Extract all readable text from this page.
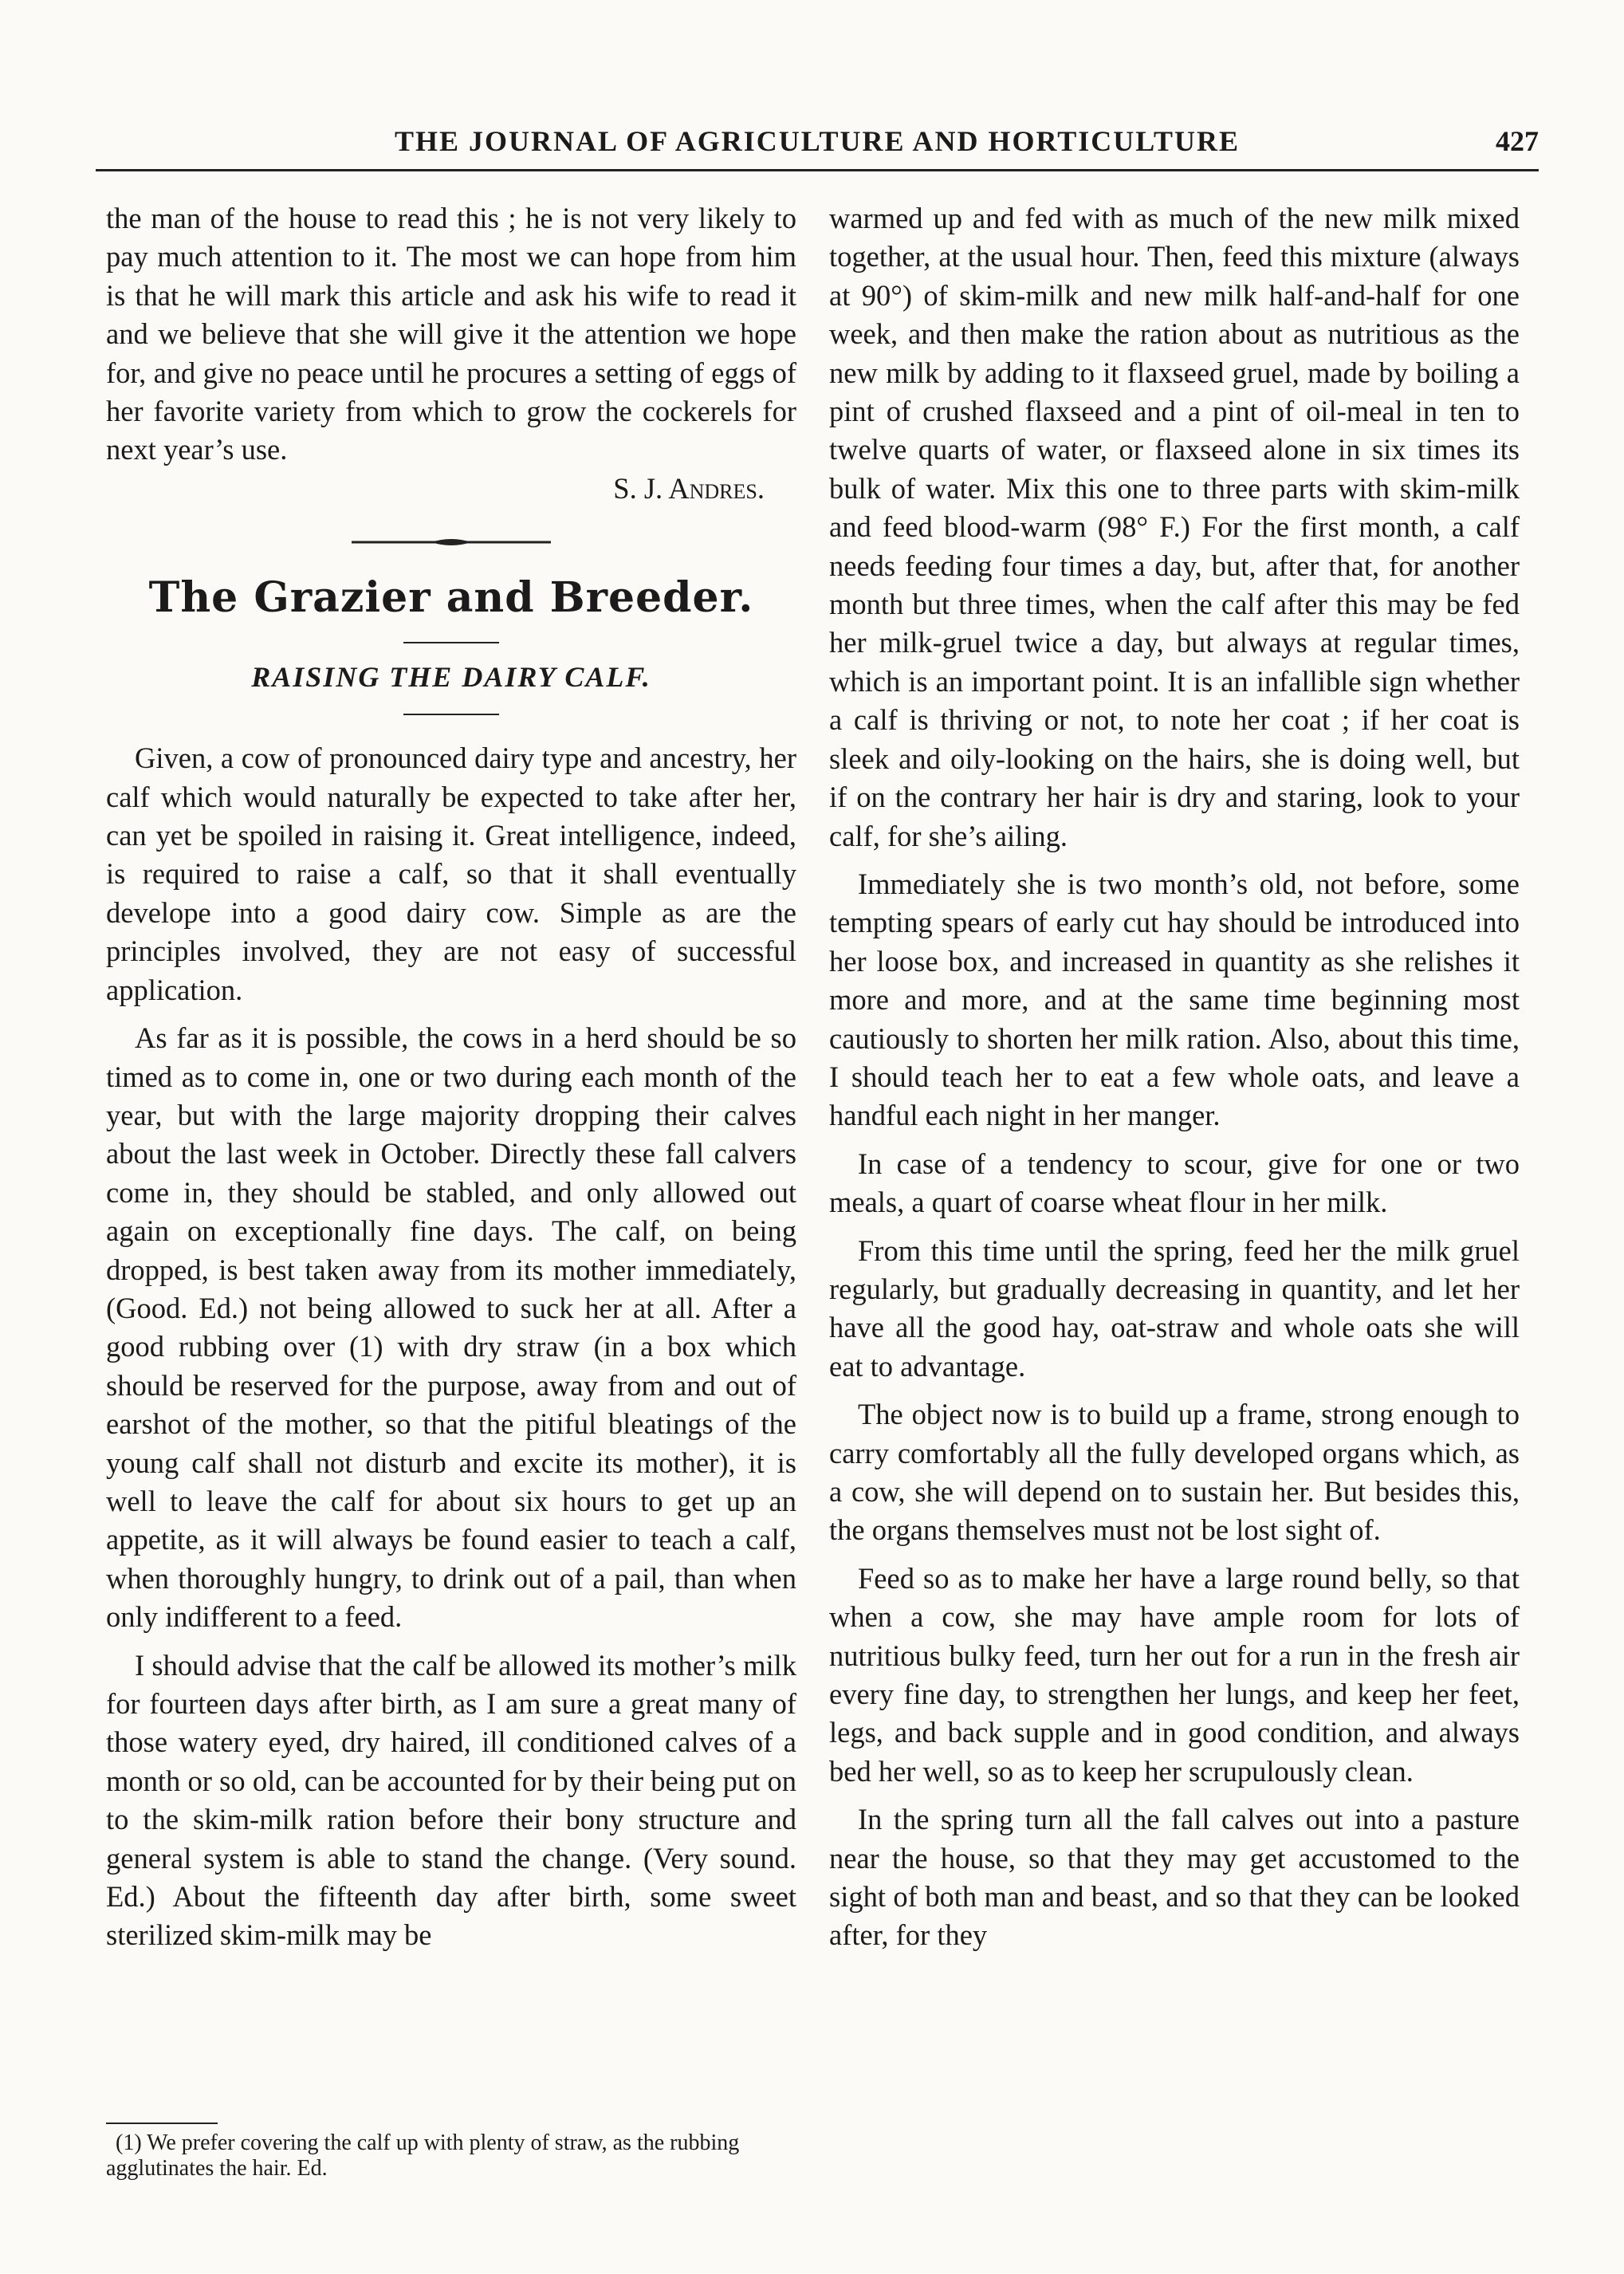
THE JOURNAL OF AGRICULTURE AND HORTICULTURE	427

the man of the house to read this ; he is not very likely to pay much attention to it. The most we can hope from him is that he will mark this article and ask his wife to read it and we believe that she will give it the attention we hope for, and give no peace until he procures a setting of eggs of her favorite variety from which to grow the cockerels for next year’s use.

S. J. Andres.

The Grazier and Breeder.
RAISING THE DAIRY CALF.

Given, a cow of pronounced dairy type and ancestry, her calf which would naturally be expected to take after her, can yet be spoiled in raising it. Great intelligence, indeed, is required to raise a calf, so that it shall eventually develope into a good dairy cow. Simple as are the principles involved, they are not easy of successful application.

As far as it is possible, the cows in a herd should be so timed as to come in, one or two during each month of the year, but with the large majority dropping their calves about the last week in October. Directly these fall calvers come in, they should be stabled, and only allowed out again on exceptionally fine days. The calf, on being dropped, is best taken away from its mother immediately, (Good. Ed.) not being allowed to suck her at all. After a good rubbing over (1) with dry straw (in a box which should be reserved for the purpose, away from and out of earshot of the mother, so that the pitiful bleatings of the young calf shall not disturb and excite its mother), it is well to leave the calf for about six hours to get up an appetite, as it will always be found easier to teach a calf, when thoroughly hungry, to drink out of a pail, than when only indifferent to a feed.

I should advise that the calf be allowed its mother’s milk for fourteen days after birth, as I am sure a great many of those watery eyed, dry haired, ill conditioned calves of a month or so old, can be accounted for by their being put on to the skim-milk ration before their bony structure and general system is able to stand the change. (Very sound. Ed.) About the fifteenth day after birth, some sweet sterilized skim-milk may be

(1) We prefer covering the calf up with plenty of straw, as the rubbing agglutinates the hair. Ed.

warmed up and fed with as much of the new milk mixed together, at the usual hour. Then, feed this mixture (always at 90°) of skim-milk and new milk half-and-half for one week, and then make the ration about as nutritious as the new milk by adding to it flaxseed gruel, made by boiling a pint of crushed flaxseed and a pint of oil-meal in ten to twelve quarts of water, or flaxseed alone in six times its bulk of water. Mix this one to three parts with skim-milk and feed blood-warm (98° F.) For the first month, a calf needs feeding four times a day, but, after that, for another month but three times, when the calf after this may be fed her milk-gruel twice a day, but always at regular times, which is an important point. It is an infallible sign whether a calf is thriving or not, to note her coat ; if her coat is sleek and oily-looking on the hairs, she is doing well, but if on the contrary her hair is dry and staring, look to your calf, for she’s ailing.

Immediately she is two month’s old, not before, some tempting spears of early cut hay should be introduced into her loose box, and increased in quantity as she relishes it more and more, and at the same time beginning most cautiously to shorten her milk ration. Also, about this time, I should teach her to eat a few whole oats, and leave a handful each night in her manger.

In case of a tendency to scour, give for one or two meals, a quart of coarse wheat flour in her milk.

From this time until the spring, feed her the milk gruel regularly, but gradually decreasing in quantity, and let her have all the good hay, oat-straw and whole oats she will eat to advantage.

The object now is to build up a frame, strong enough to carry comfortably all the fully developed organs which, as a cow, she will depend on to sustain her. But besides this, the organs themselves must not be lost sight of.

Feed so as to make her have a large round belly, so that when a cow, she may have ample room for lots of nutritious bulky feed, turn her out for a run in the fresh air every fine day, to strengthen her lungs, and keep her feet, legs, and back supple and in good condition, and always bed her well, so as to keep her scrupulously clean.

In the spring turn all the fall calves out into a pasture near the house, so that they may get accustomed to the sight of both man and beast, and so that they can be looked after, for they
